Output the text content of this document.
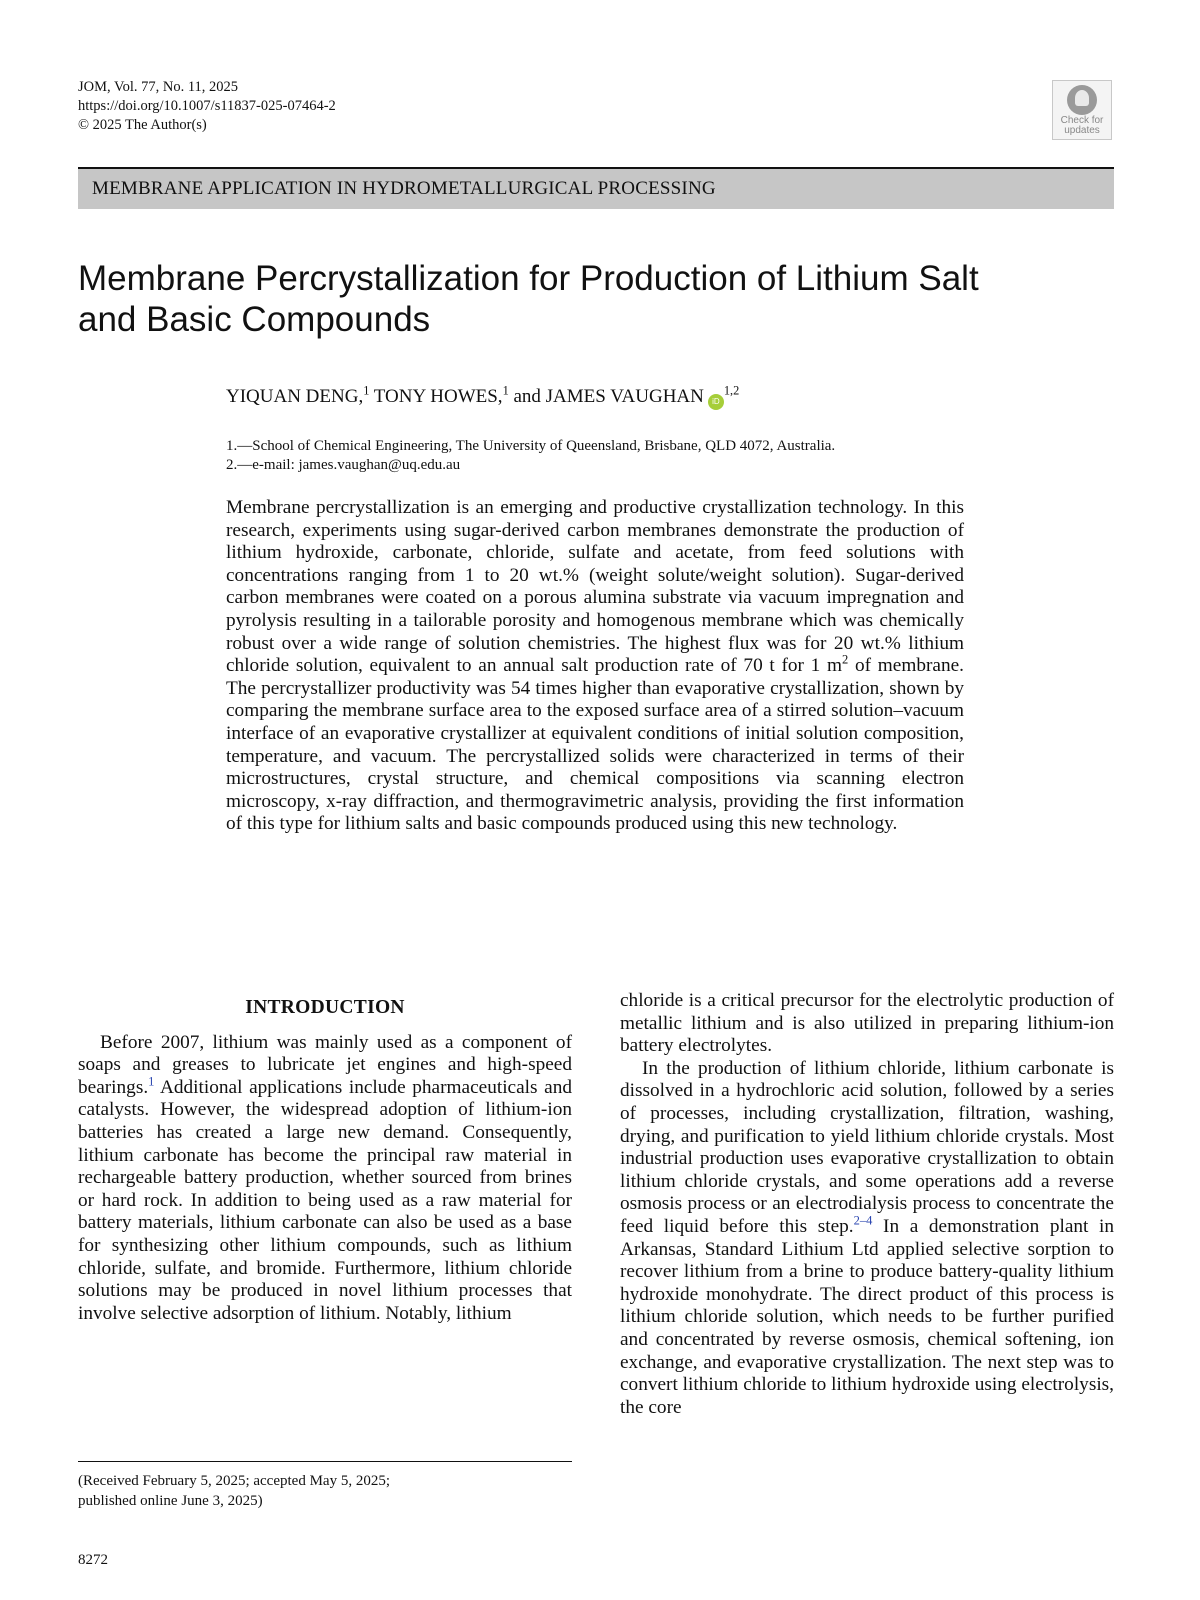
JOM, Vol. 77, No. 11, 2025
https://doi.org/10.1007/s11837-025-07464-2
© 2025 The Author(s)	Check for
updates
MEMBRANE APPLICATION IN HYDROMETALLURGICAL PROCESSING
Membrane Percrystallization for Production of Lithium Salt
and Basic Compounds
YIQUAN DENG,$^1$ TONY HOWES,$^1$ and JAMES VAUGHAN iD$^{1,2}$
1.—School of Chemical Engineering, The University of Queensland, Brisbane, QLD 4072, Australia.
2.—e-mail: james.vaughan@uq.edu.au
Membrane percrystallization is an emerging and productive crystallization technology. In this research, experiments using sugar-derived carbon membranes demonstrate the production of lithium hydroxide, carbonate, chloride, sulfate and acetate, from feed solutions with concentrations ranging from 1 to 20 wt.% (weight solute/weight solution). Sugar-derived carbon membranes were coated on a porous alumina substrate via vacuum impregnation and pyrolysis resulting in a tailorable porosity and homogenous membrane which was chemically robust over a wide range of solution chemistries. The highest flux was for 20 wt.% lithium chloride solution, equivalent to an annual salt production rate of 70 t for 1 $m^2$ of membrane. The percrystallizer productivity was 54 times higher than evaporative crystallization, shown by comparing the membrane surface area to the exposed surface area of a stirred solution–vacuum interface of an evaporative crystallizer at equivalent conditions of initial solution composition, temperature, and vacuum. The percrystallized solids were characterized in terms of their microstructures, crystal structure, and chemical compositions via scanning electron microscopy, x-ray diffraction, and thermogravimetric analysis, providing the first information of this type for lithium salts and basic compounds produced using this new technology.
INTRODUCTION

Before 2007, lithium was mainly used as a component of soaps and greases to lubricate jet engines and high-speed bearings.$^1$ Additional applications include pharmaceuticals and catalysts. However, the widespread adoption of lithium-ion batteries has created a large new demand. Consequently, lithium carbonate has become the principal raw material in rechargeable battery production, whether sourced from brines or hard rock. In addition to being used as a raw material for battery materials, lithium carbonate can also be used as a base for synthesizing other lithium compounds, such as lithium chloride, sulfate, and bromide. Furthermore, lithium chloride solutions may be produced in novel lithium processes that involve selective adsorption of lithium. Notably, lithium

chloride is a critical precursor for the electrolytic production of metallic lithium and is also utilized in preparing lithium-ion battery electrolytes.

In the production of lithium chloride, lithium carbonate is dissolved in a hydrochloric acid solution, followed by a series of processes, including crystallization, filtration, washing, drying, and purification to yield lithium chloride crystals. Most industrial production uses evaporative crystallization to obtain lithium chloride crystals, and some operations add a reverse osmosis process or an electrodialysis process to concentrate the feed liquid before this step.$^{2-4}$ In a demonstration plant in Arkansas, Standard Lithium Ltd applied selective sorption to recover lithium from a brine to produce battery-quality lithium hydroxide monohydrate. The direct product of this process is lithium chloride solution, which needs to be further purified and concentrated by reverse osmosis, chemical softening, ion exchange, and evaporative crystallization. The next step was to convert lithium chloride to lithium hydroxide using electrolysis, the core

(Received February 5, 2025; accepted May 5, 2025;
published online June 3, 2025)
8272
